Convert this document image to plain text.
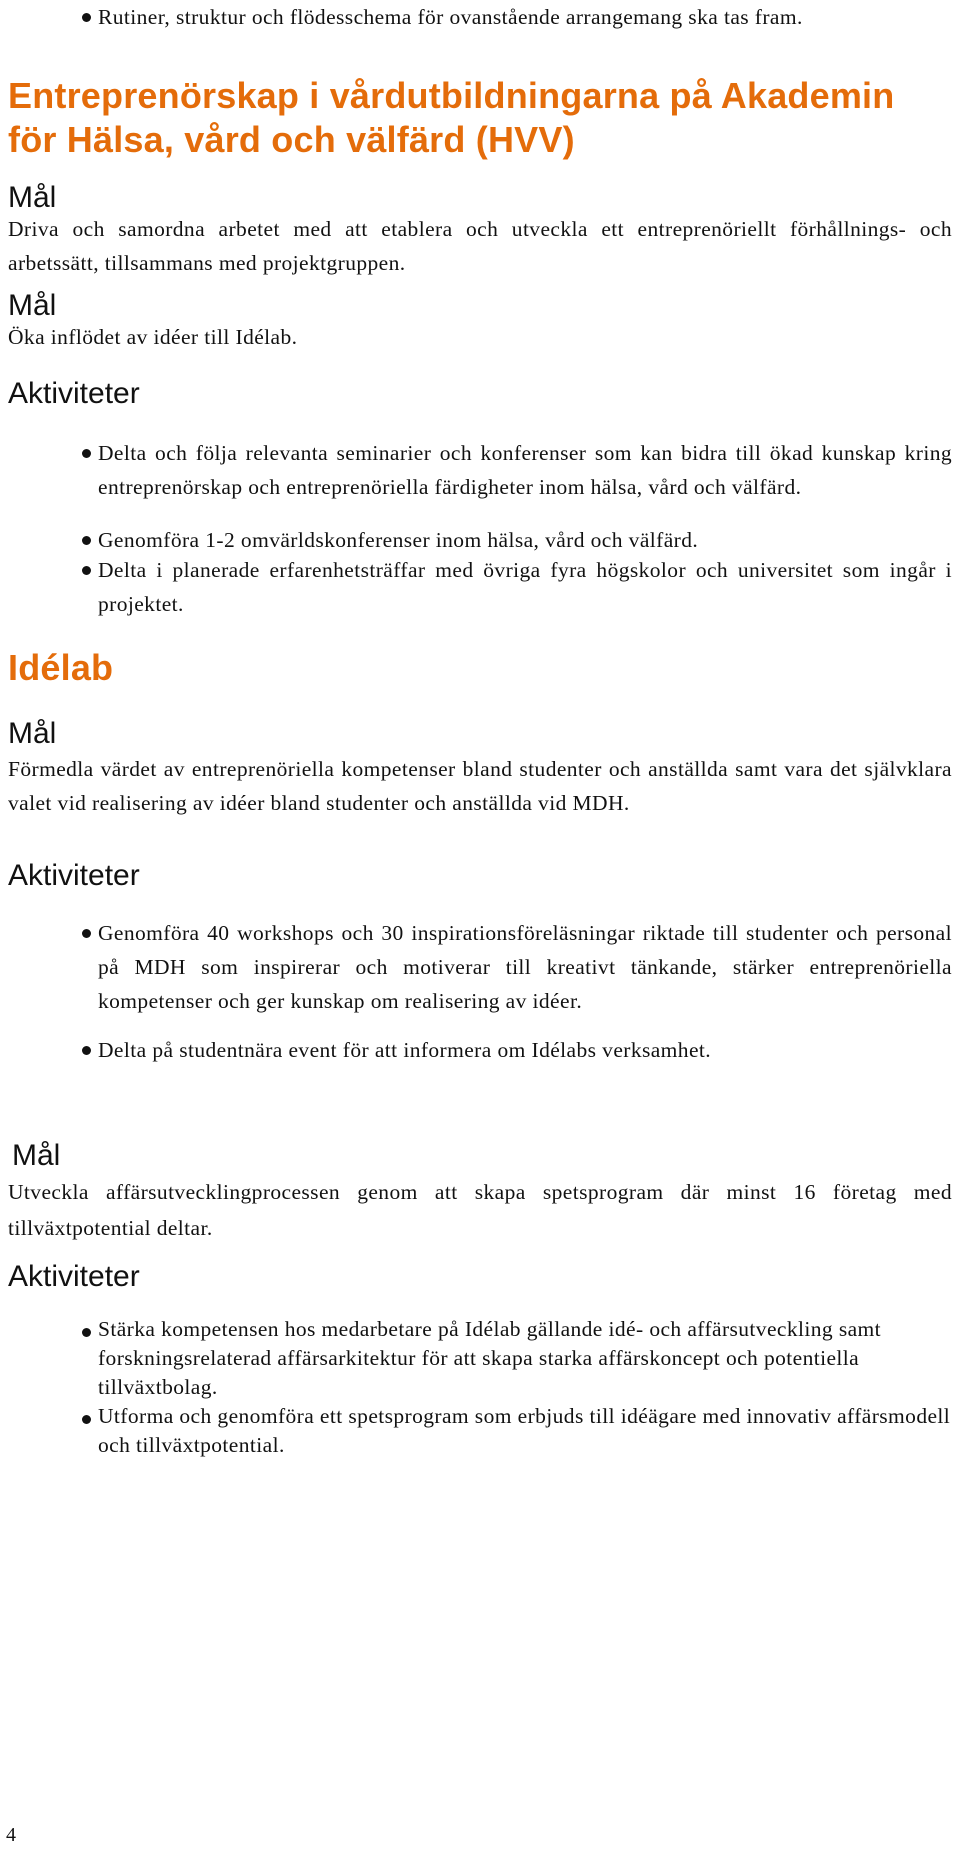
Rutiner, struktur och flödesschema för ovanstående arrangemang ska tas fram.
Entreprenörskap i vårdutbildningarna på Akademin för Hälsa, vård och välfärd (HVV)
Mål
Driva och samordna arbetet med att etablera och utveckla ett entreprenöriellt förhållnings- och arbetssätt, tillsammans med projektgruppen.
Mål
Öka inflödet av idéer till Idélab.
Aktiviteter
Delta och följa relevanta seminarier och konferenser som kan bidra till ökad kunskap kring entreprenörskap och entreprenöriella färdigheter inom hälsa, vård och välfärd.
Genomföra 1-2 omvärldskonferenser inom hälsa, vård och välfärd.
Delta i planerade erfarenhetsträffar med övriga fyra högskolor och universitet som ingår i projektet.
Idélab
Mål
Förmedla värdet av entreprenöriella kompetenser bland studenter och anställda samt vara det självklara valet vid realisering av idéer bland studenter och anställda vid MDH.
Aktiviteter
Genomföra 40 workshops och 30 inspirationsföreläsningar riktade till studenter och personal på MDH som inspirerar och motiverar till kreativt tänkande, stärker entreprenöriella kompetenser och ger kunskap om realisering av idéer.
Delta på studentnära event för att informera om Idélabs verksamhet.
Mål
Utveckla affärsutvecklingprocessen genom att skapa spetsprogram där minst 16 företag med tillväxtpotential deltar.
Aktiviteter
Stärka kompetensen hos medarbetare på Idélab gällande idé- och affärsutveckling samt forskningsrelaterad affärsarkitektur för att skapa starka affärskoncept och potentiella tillväxtbolag.
Utforma och genomföra ett spetsprogram som erbjuds till idéägare med innovativ affärsmodell och tillväxtpotential.
4
